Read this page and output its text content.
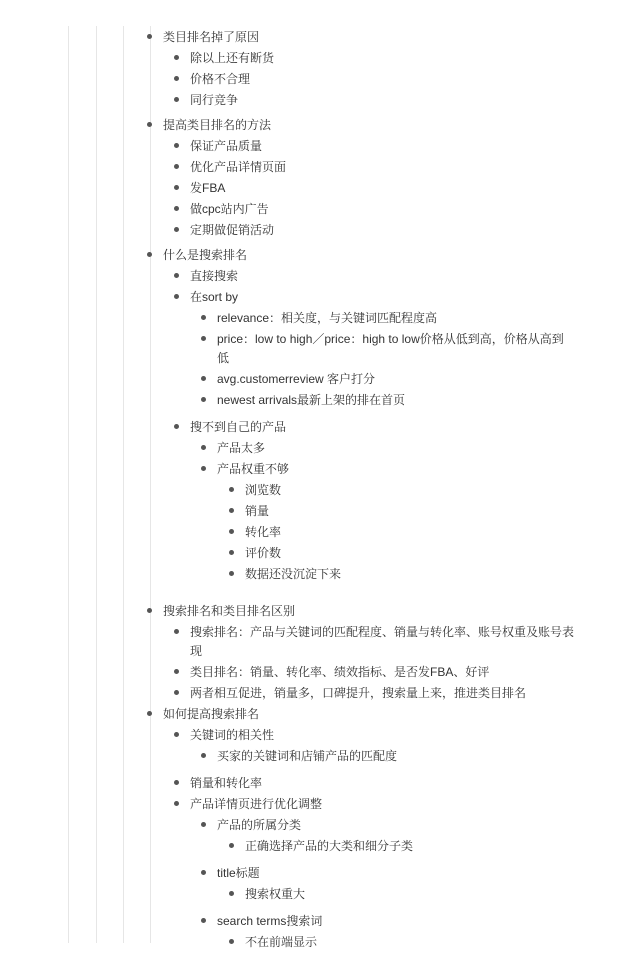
类目排名掉了原因
除以上还有断货
价格不合理
同行竞争
提高类目排名的方法
保证产品质量
优化产品详情页面
发FBA
做cpc站内广告
定期做促销活动
什么是搜索排名
直接搜索
在sort by
relevance：相关度，与关键词匹配程度高
price：low to high／price：high to low价格从低到高，价格从高到低
avg.customerreview 客户打分
newest arrivals最新上架的排在首页
搜不到自己的产品
产品太多
产品权重不够
浏览数
销量
转化率
评价数
数据还没沉淀下来
搜索排名和类目排名区别
搜索排名：产品与关键词的匹配程度、销量与转化率、账号权重及账号表现
类目排名：销量、转化率、绩效指标、是否发FBA、好评
两者相互促进，销量多，口碑提升，搜索量上来，推进类目排名
如何提高搜索排名
关键词的相关性
买家的关键词和店铺产品的匹配度
销量和转化率
产品详情页进行优化调整
产品的所属分类
正确选择产品的大类和细分子类
title标题
搜索权重大
search terms搜索词
不在前端显示
